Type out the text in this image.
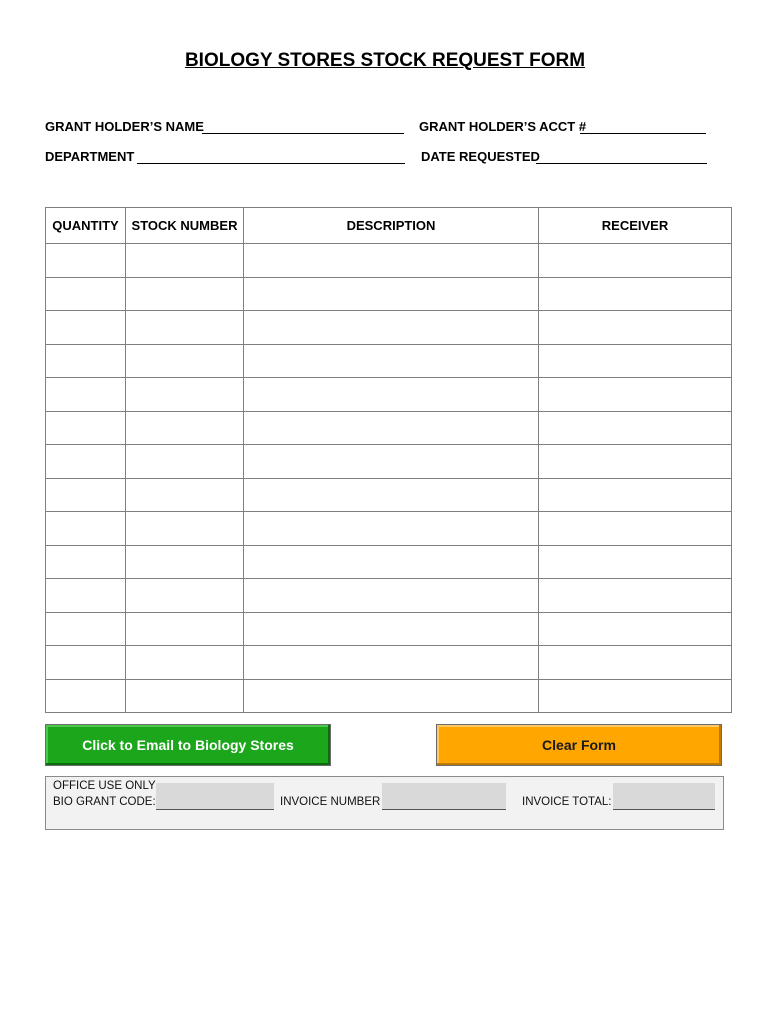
BIOLOGY STORES STOCK REQUEST FORM
GRANT HOLDER’S NAME	GRANT HOLDER’S ACCT #
DEPARTMENT	DATE REQUESTED
QUANTITY	STOCK NUMBER	DESCRIPTION	RECEIVER

Click to Email to Biology Stores	Clear Form
OFFICE USE ONLY
BIO GRANT CODE:	INVOICE NUMBER	INVOICE TOTAL:
